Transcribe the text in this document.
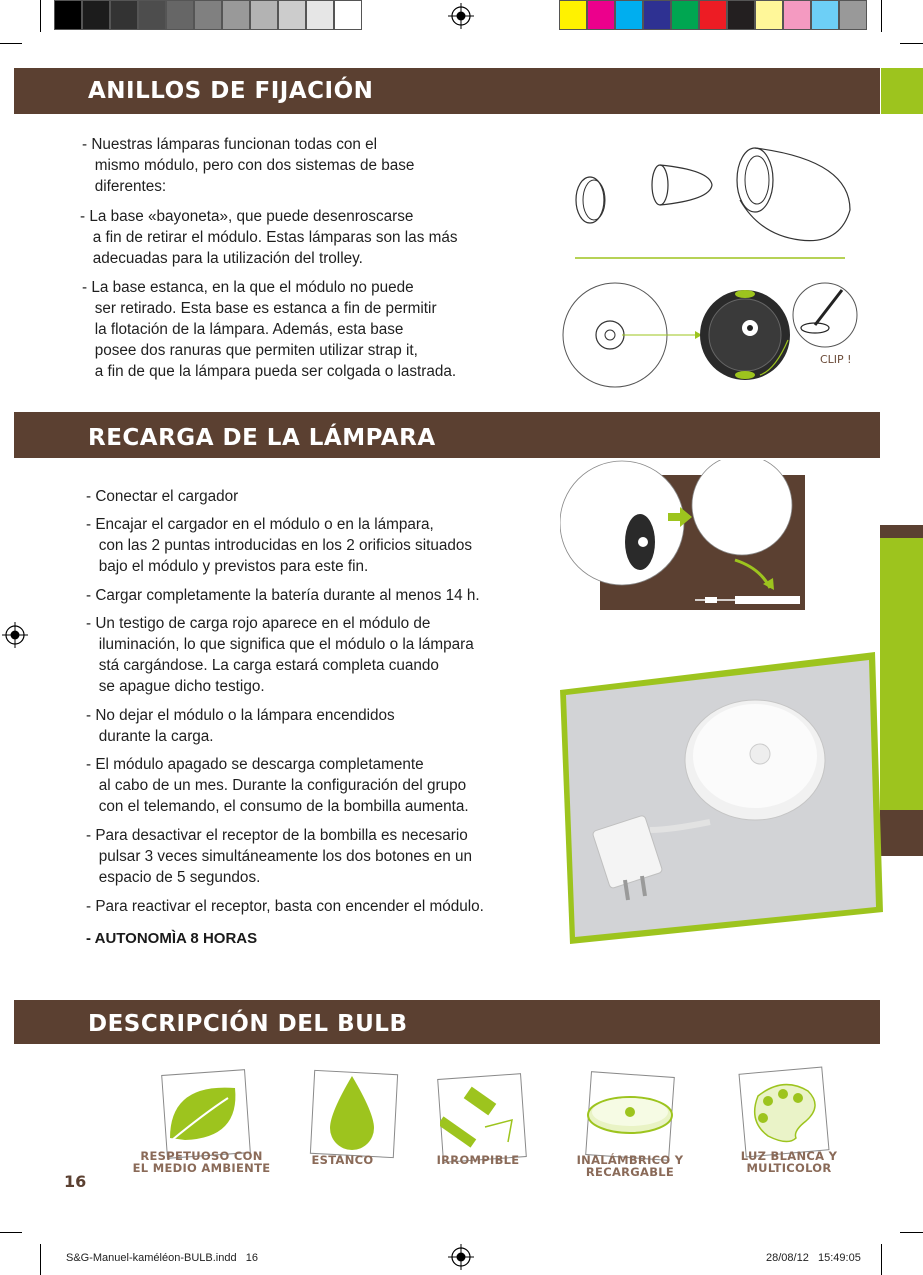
ANILLOS DE FIJACIÓN
- Nuestras lámparas funcionan todas con el
mismo módulo, pero con dos sistemas de base
diferentes:
- La base «bayoneta», que puede desenroscarse
a fin de retirar el módulo. Estas lámparas son las más
adecuadas para la utilización del trolley.
- La base estanca, en la que el módulo no puede
ser retirado. Esta base es estanca a fin de permitir
la flotación de la lámpara. Además, esta base
posee dos ranuras que permiten utilizar strap it,
a fin de que la lámpara pueda ser colgada o lastrada.
CLIP !
RECARGA DE LA LÁMPARA
- Conectar el cargador
- Encajar el cargador en el módulo o en la lámpara,
con las 2 puntas introducidas en los 2 orificios situados
bajo el módulo y previstos para este fin.
- Cargar completamente la batería durante al menos 14 h.
- Un testigo de carga rojo aparece en el módulo de
iluminación, lo que significa que el módulo o la lámpara
stá cargándose. La carga estará completa cuando
se apague dicho testigo.
- No dejar el módulo o la lámpara encendidos
durante la carga.
- El módulo apagado se descarga completamente
al cabo de un mes. Durante la configuración del grupo
con el telemando, el consumo de la bombilla aumenta.
- Para desactivar el receptor de la bombilla es necesario
pulsar 3 veces simultáneamente los dos botones en un
espacio de 5 segundos.
- Para reactivar el receptor, basta con encender el módulo.
- AUTONOMÌA 8 HORAS
DESCRIPCIÓN DEL BULB
RESPETUOSO CON
EL MEDIO AMBIENTE
ESTANCO	IRROMPIBLE	INALÁMBRICO Y
RECARGABLE
LUZ BLANCA Y
MULTICOLOR
16
S&G-Manuel-kaméléon-BULB.indd   16	28/08/12   15:49:05
